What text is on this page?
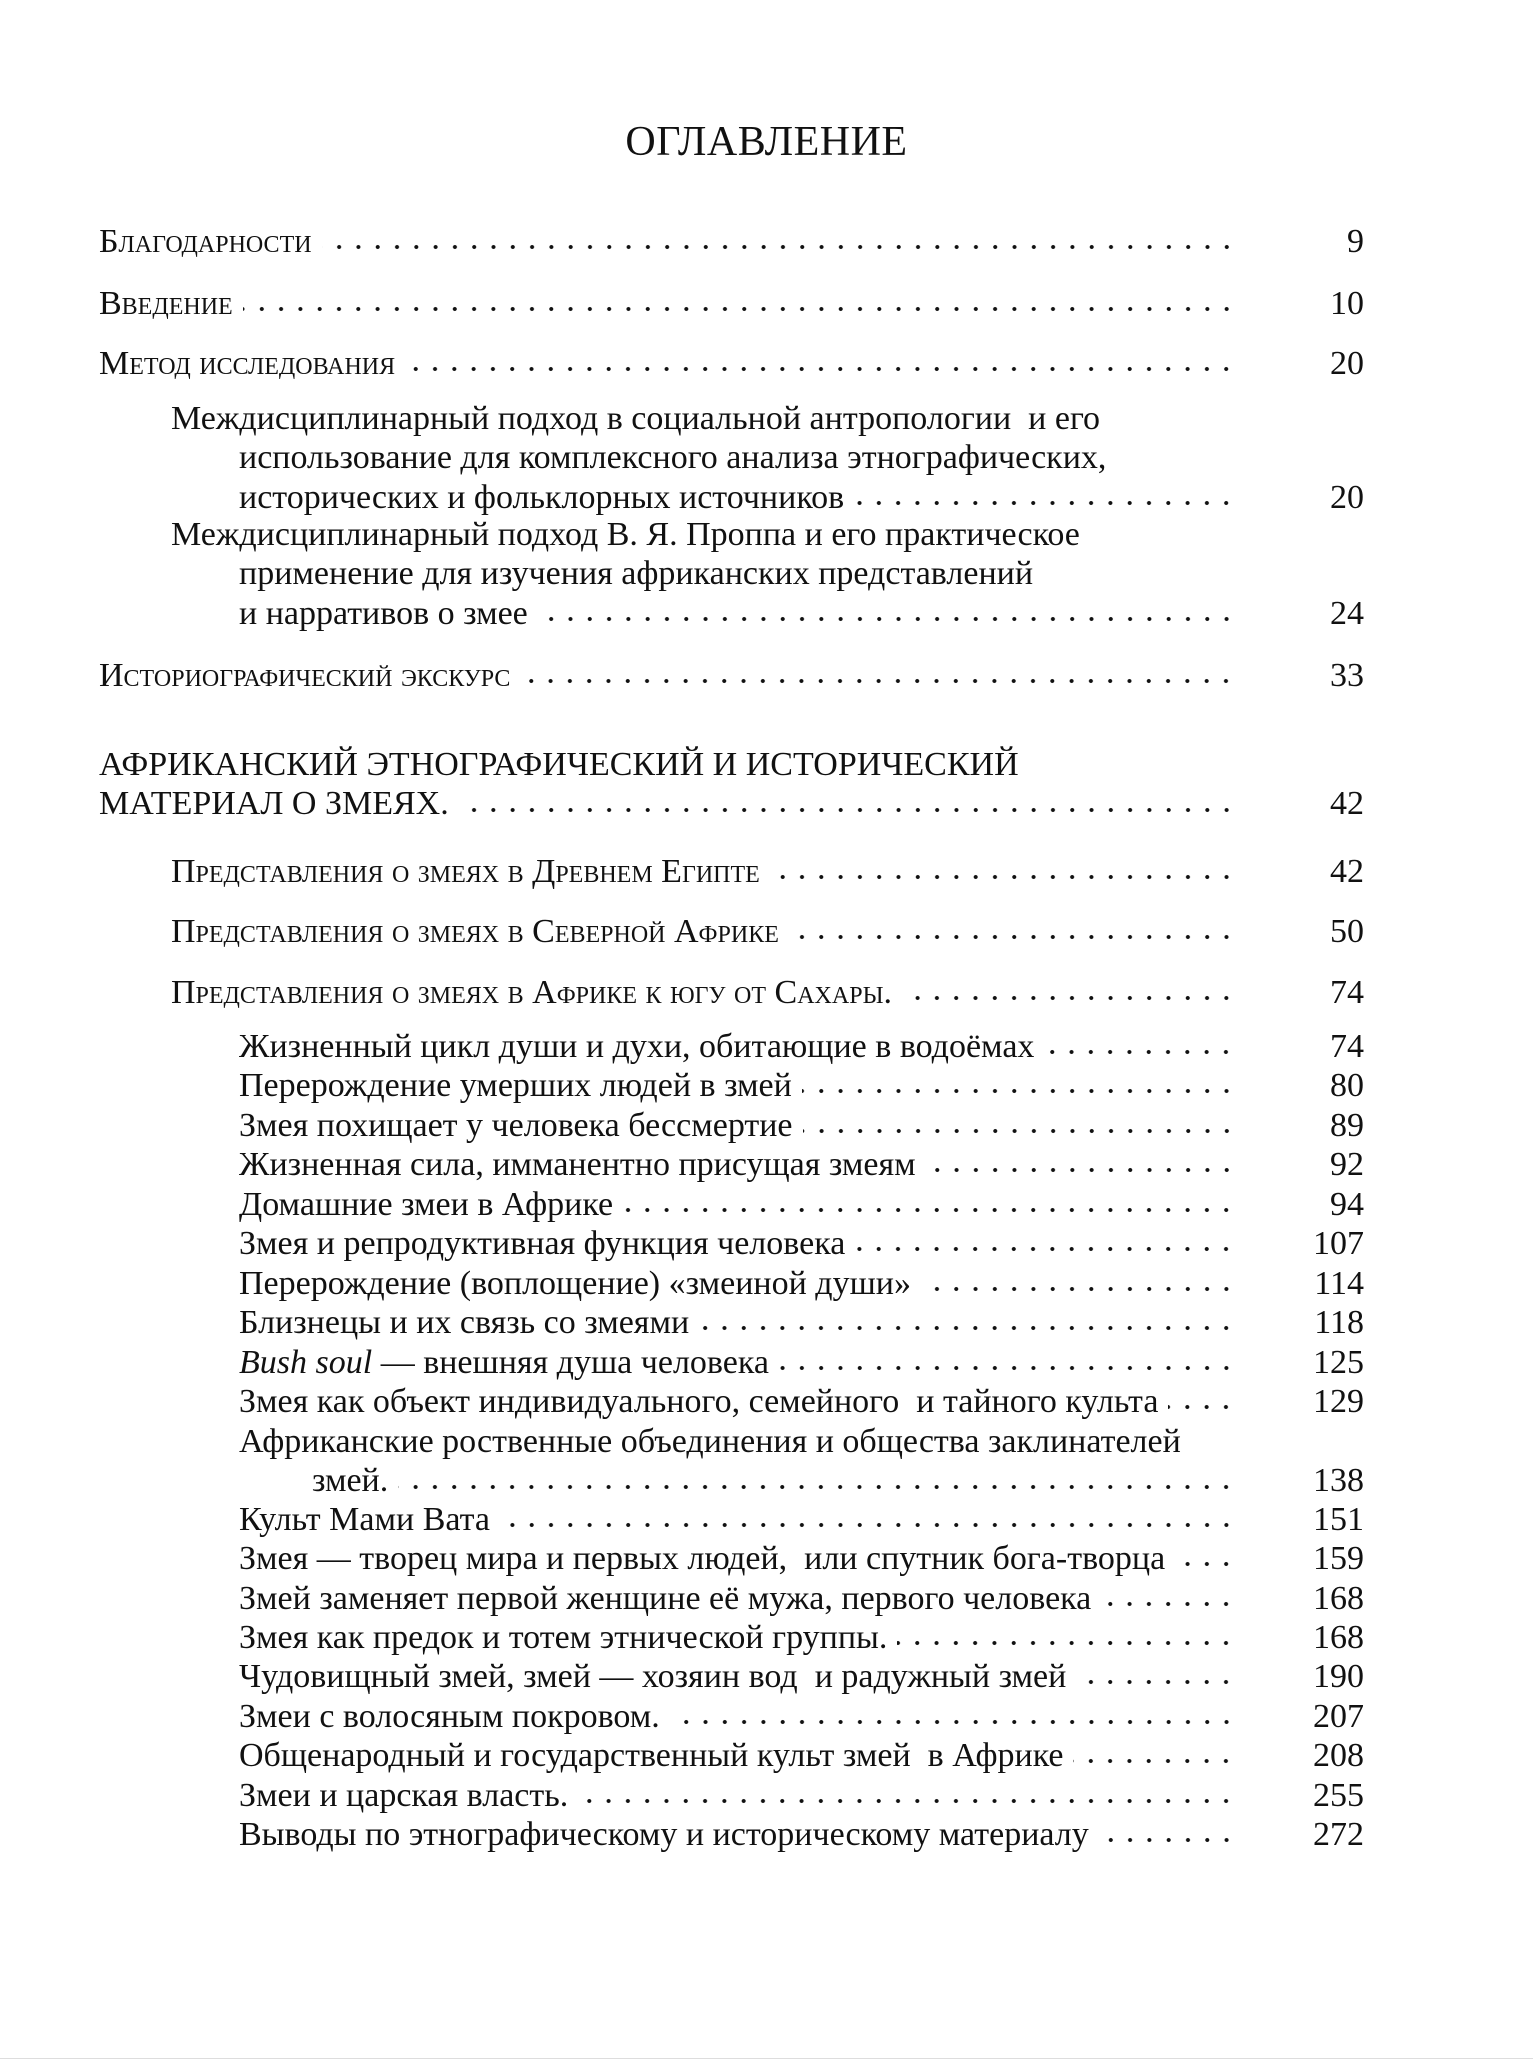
ОГЛАВЛЕНИЕ
Благодарности	9
Введение	10
Метод исследования	20
Междисциплинарный подход в социальной антропологии  и его
использование для комплексного анализа этнографических,
исторических и фольклорных источников	20
Междисциплинарный подход В. Я. Проппа и его практическое
применение для изучения африканских представлений
и нарративов о змее	24
Историографический экскурс	33
АФРИКАНСКИЙ ЭТНОГРАФИЧЕСКИЙ И ИСТОРИЧЕСКИЙ
МАТЕРИАЛ О ЗМЕЯХ.	42
Представления о змеях в Древнем Египте	42
Представления о змеях в Северной Африке	50
Представления о змеях в Африке к югу от Сахары.	74
Жизненный цикл души и духи, обитающие в водоёмах	74
Перерождение умерших людей в змей	80
Змея похищает у человека бессмертие	89
Жизненная сила, имманентно присущая змеям	92
Домашние змеи в Африке	94
Змея и репродуктивная функция человека	107
Перерождение (воплощение) «змеиной души»	114
Близнецы и их связь со змеями	118
Bush soul — внешняя душа человека	125
Змея как объект индивидуального, семейного  и тайного культа	129
Африканские роственные объединения и общества заклинателей
змей.	138
Культ Мами Вата	151
Змея — творец мира и первых людей,  или спутник бога-творца	159
Змей заменяет первой женщине её мужа, первого человека	168
Змея как предок и тотем этнической группы.	168
Чудовищный змей, змей — хозяин вод  и радужный змей	190
Змеи с волосяным покровом.	207
Общенародный и государственный культ змей  в Африке	208
Змеи и царская власть.	255
Выводы по этнографическому и историческому материалу	272
